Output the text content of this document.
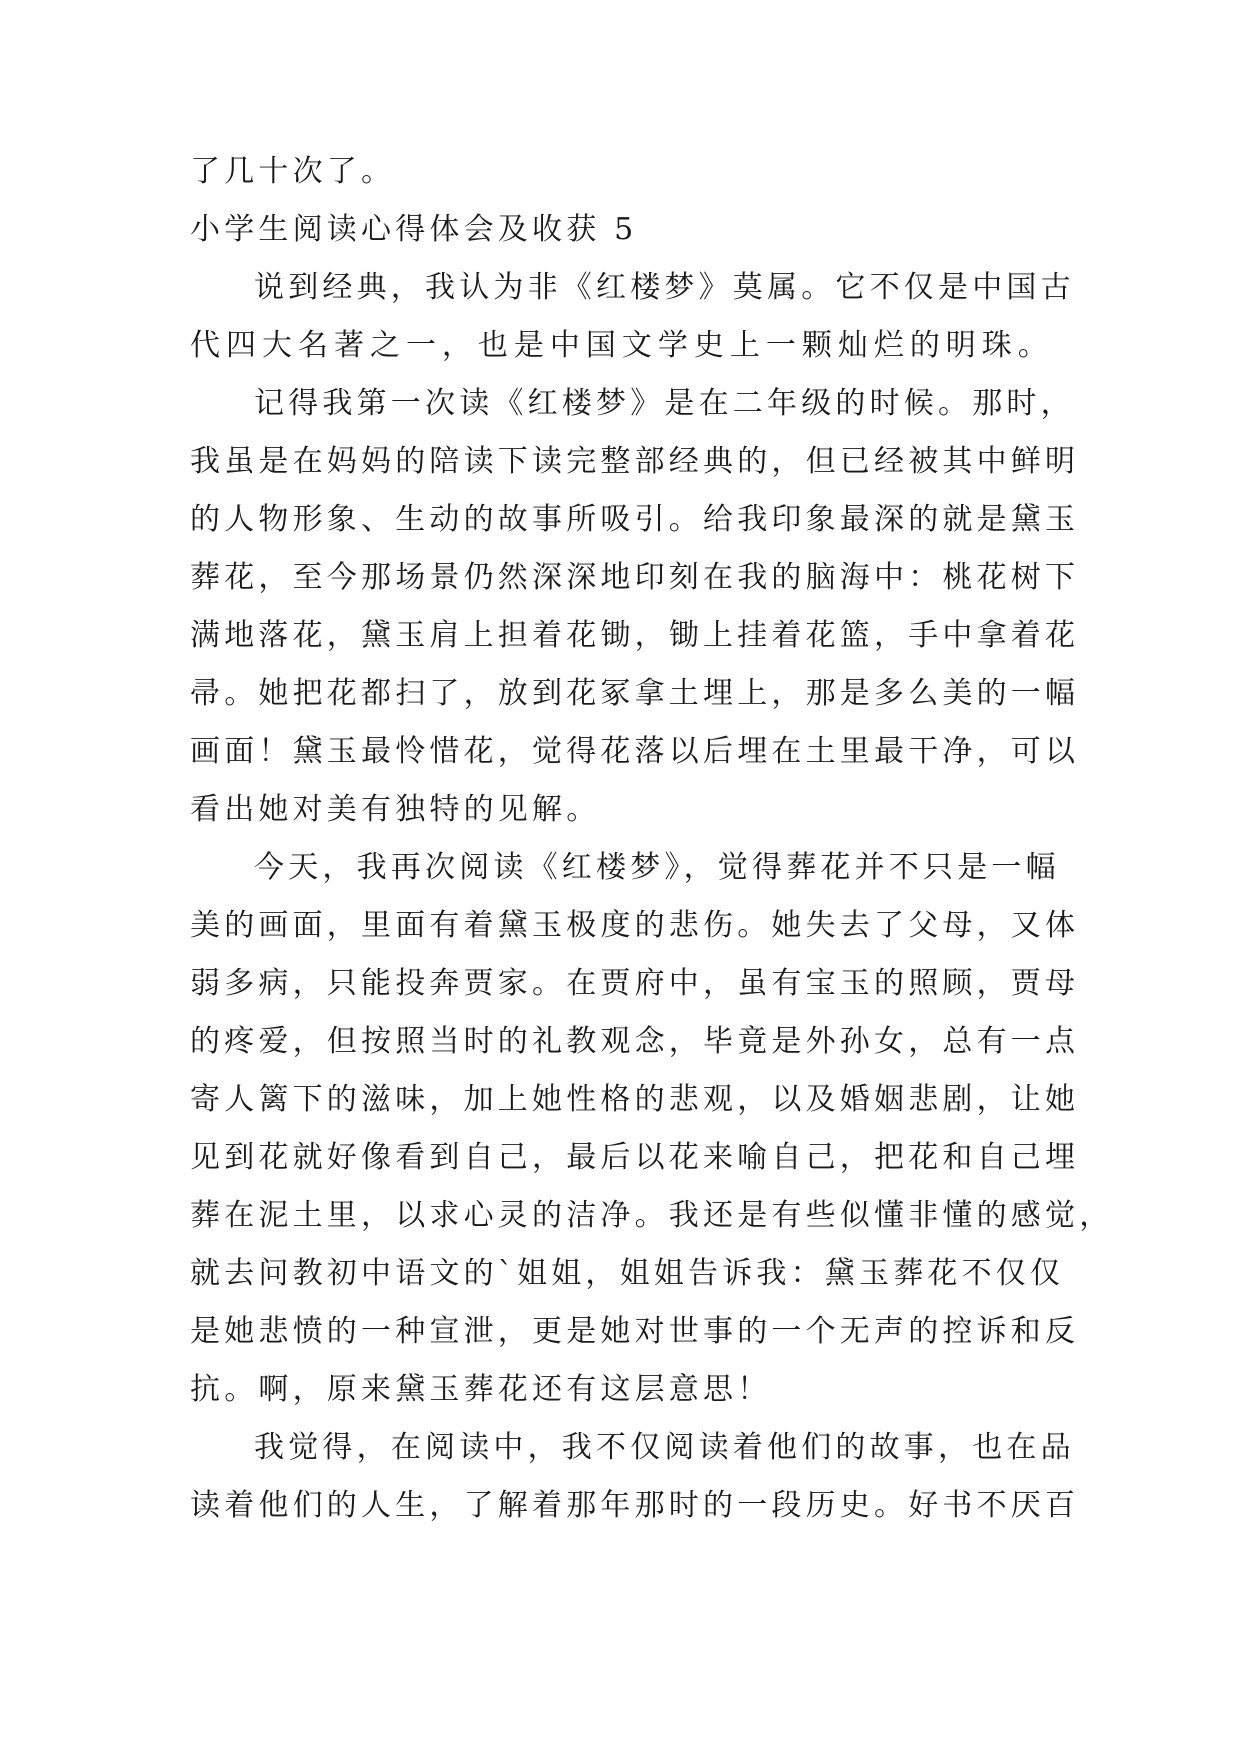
了几十次了。
小学生阅读心得体会及收获 5
说到经典，我认为非《红楼梦》莫属。它不仅是中国古
代四大名著之一，也是中国文学史上一颗灿烂的明珠。
记得我第一次读《红楼梦》是在二年级的时候。那时，
我虽是在妈妈的陪读下读完整部经典的，但已经被其中鲜明
的人物形象、生动的故事所吸引。给我印象最深的就是黛玉
葬花，至今那场景仍然深深地印刻在我的脑海中：桃花树下
满地落花，黛玉肩上担着花锄，锄上挂着花篮，手中拿着花
帚。她把花都扫了，放到花冢拿土埋上，那是多么美的一幅
画面！黛玉最怜惜花，觉得花落以后埋在土里最干净，可以
看出她对美有独特的见解。
今天，我再次阅读《红楼梦》，觉得葬花并不只是一幅
美的画面，里面有着黛玉极度的悲伤。她失去了父母，又体
弱多病，只能投奔贾家。在贾府中，虽有宝玉的照顾，贾母
的疼爱，但按照当时的礼教观念，毕竟是外孙女，总有一点
寄人篱下的滋味，加上她性格的悲观，以及婚姻悲剧，让她
见到花就好像看到自己，最后以花来喻自己，把花和自己埋
葬在泥土里，以求心灵的洁净。我还是有些似懂非懂的感觉，
就去问教初中语文的`姐姐，姐姐告诉我：黛玉葬花不仅仅
是她悲愤的一种宣泄，更是她对世事的一个无声的控诉和反
抗。啊，原来黛玉葬花还有这层意思！
我觉得，在阅读中，我不仅阅读着他们的故事，也在品
读着他们的人生，了解着那年那时的一段历史。好书不厌百
